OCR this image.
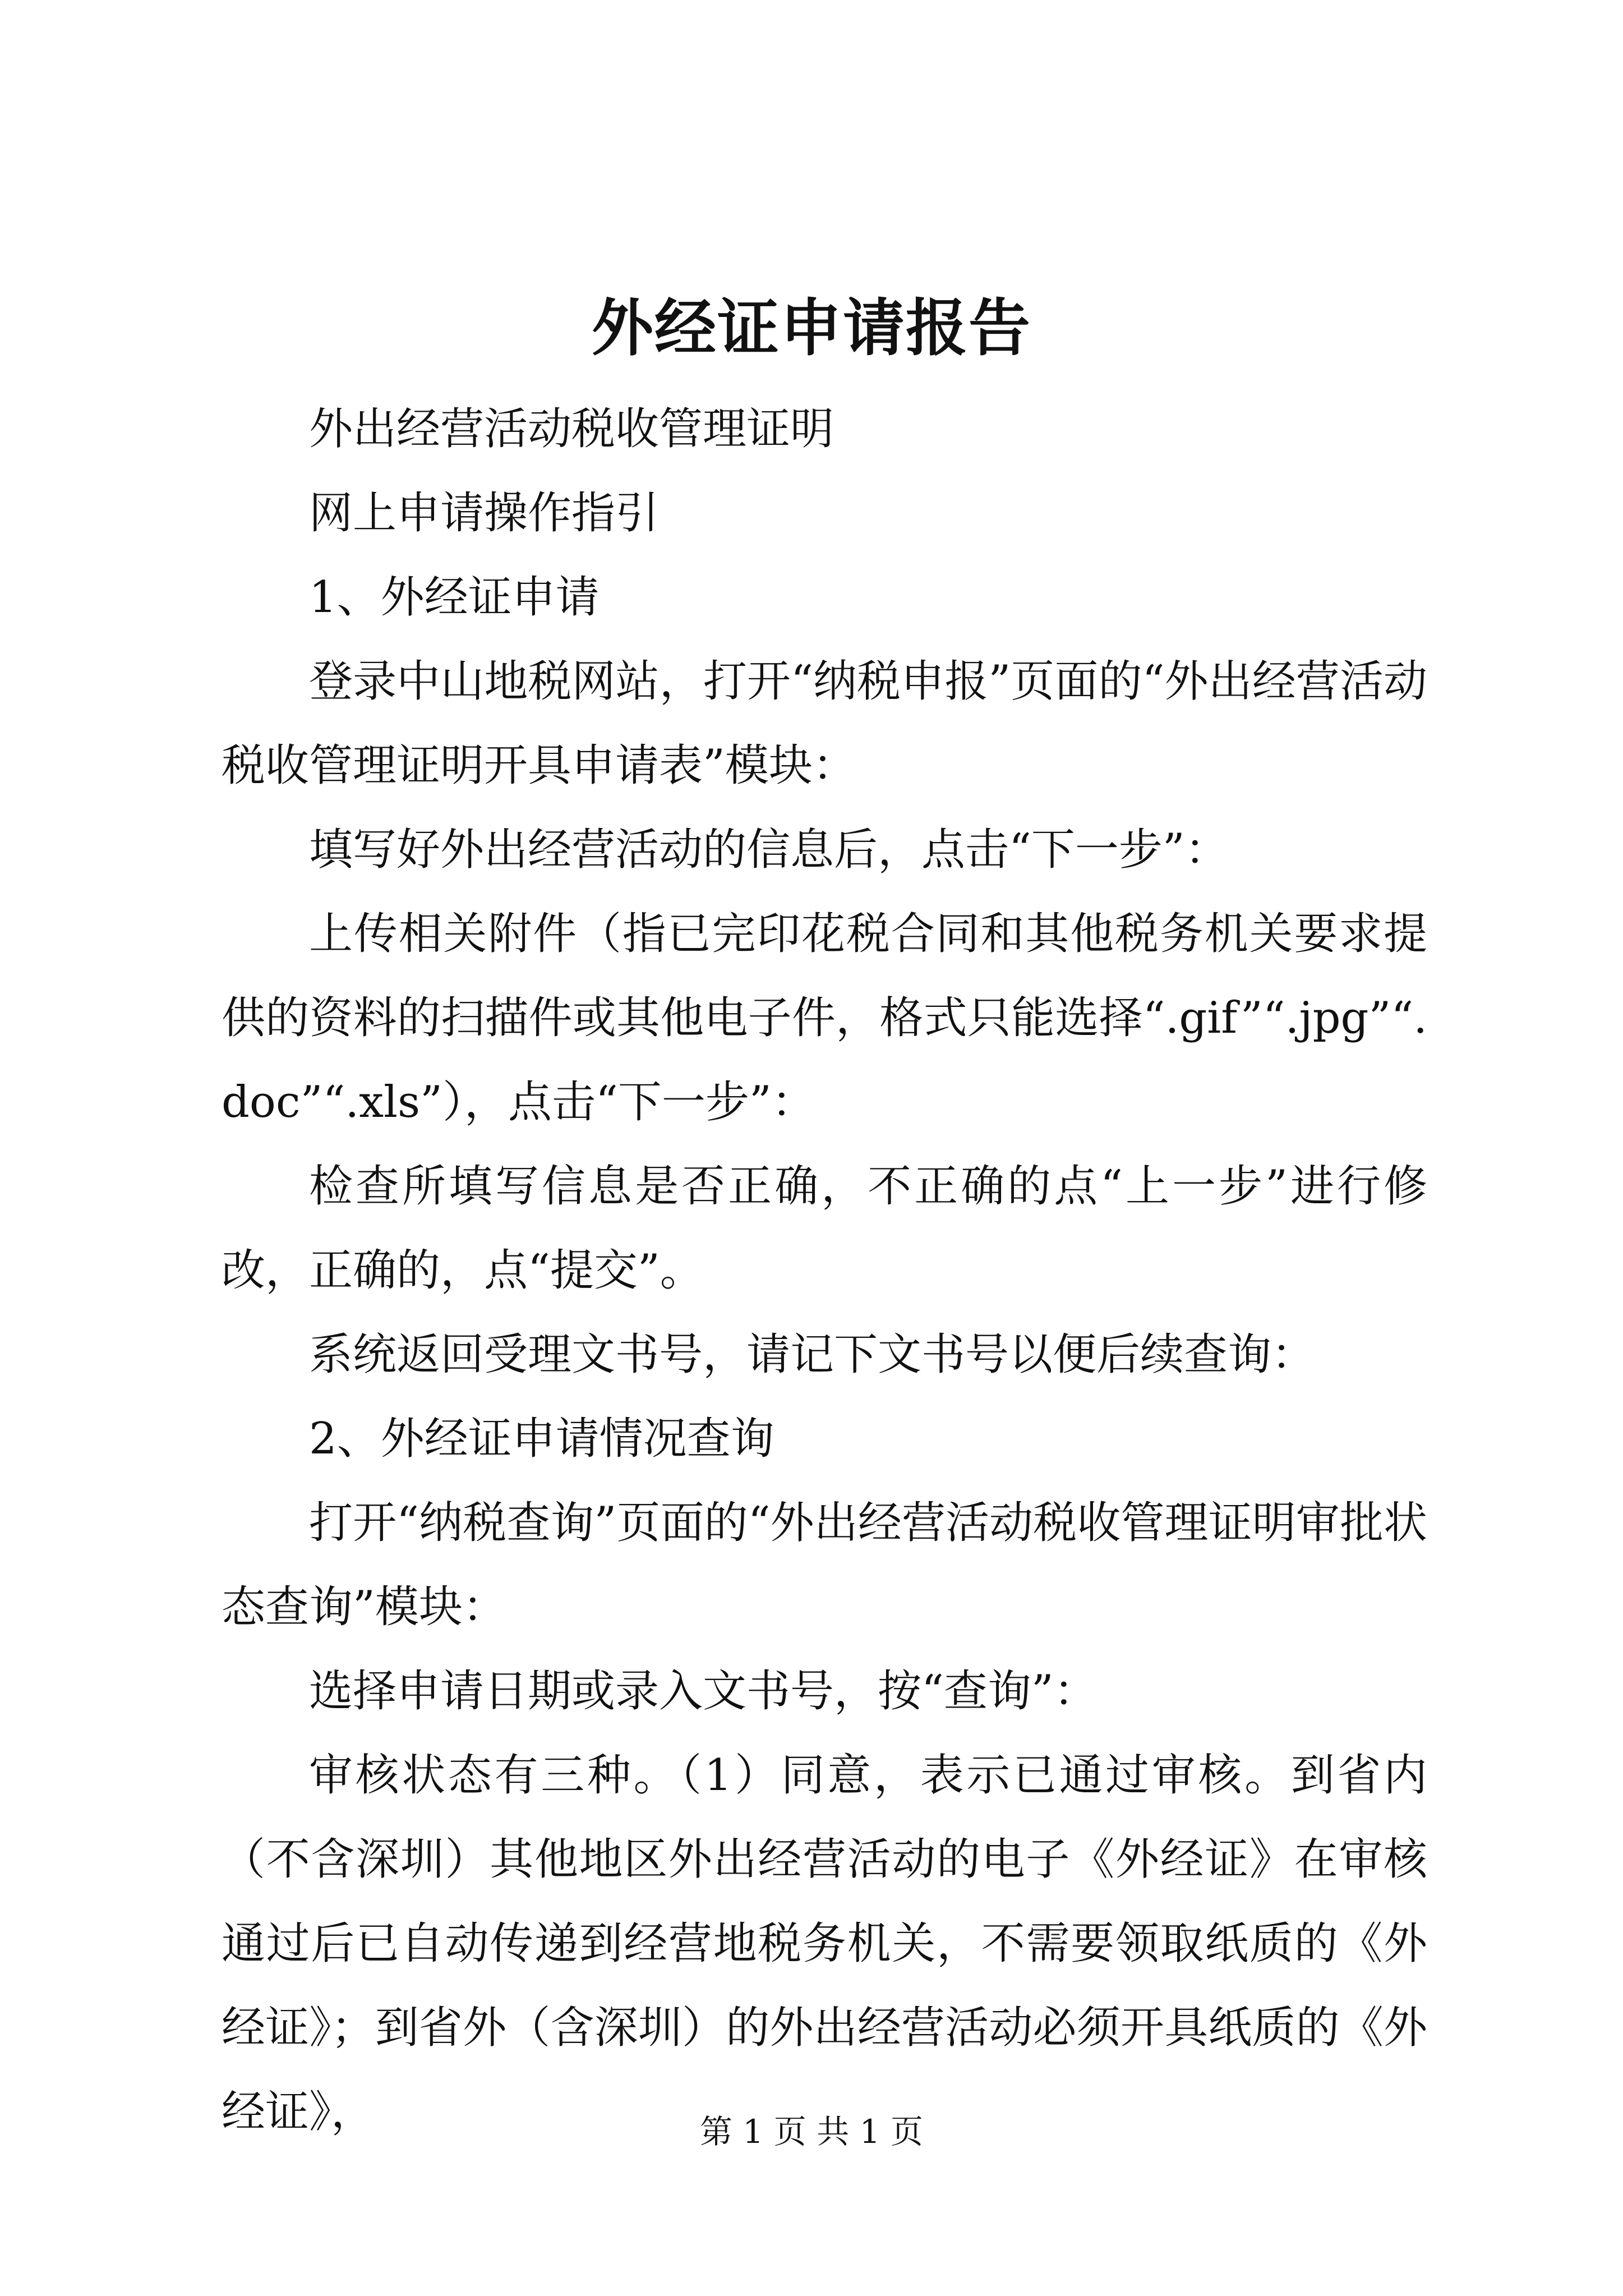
外经证申请报告

外出经营活动税收管理证明

网上申请操作指引

1、外经证申请

登录中山地税网站，打开“纳税申报”页面的“外出经营活动税收管理证明开具申请表”模块：

填写好外出经营活动的信息后，点击“下一步”：

上传相关附件（指已完印花税合同和其他税务机关要求提供的资料的扫描件或其他电子件，格式只能选择“.gif”“.jpg”“.doc”“.xls”），点击“下一步”：

检查所填写信息是否正确，不正确的点“上一步”进行修改，正确的，点“提交”。

系统返回受理文书号，请记下文书号以便后续查询：

2、外经证申请情况查询

打开“纳税查询”页面的“外出经营活动税收管理证明审批状态查询”模块：

选择申请日期或录入文书号，按“查询”：

审核状态有三种。（1）同意，表示已通过审核。到省内（不含深圳）其他地区外出经营活动的电子《外经证》在审核通过后已自动传递到经营地税务机关，不需要领取纸质的《外经证》；到省外（含深圳）的外出经营活动必须开具纸质的《外经证》，	第 1 页 共 1 页
